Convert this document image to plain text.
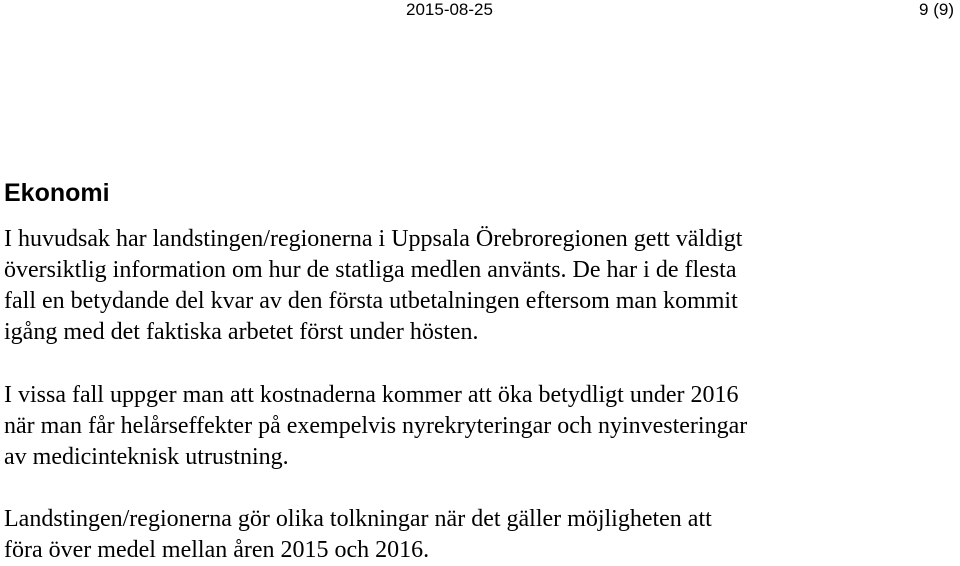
2015-08-25	9 (9)
Ekonomi

I huvudsak har landstingen/regionerna i Uppsala Örebroregionen gett väldigt
översiktlig information om hur de statliga medlen använts. De har i de flesta
fall en betydande del kvar av den första utbetalningen eftersom man kommit
igång med det faktiska arbetet först under hösten.

I vissa fall uppger man att kostnaderna kommer att öka betydligt under 2016
när man får helårseffekter på exempelvis nyrekryteringar och nyinvesteringar
av medicinteknisk utrustning.

Landstingen/regionerna gör olika tolkningar när det gäller möjligheten att
föra över medel mellan åren 2015 och 2016.
